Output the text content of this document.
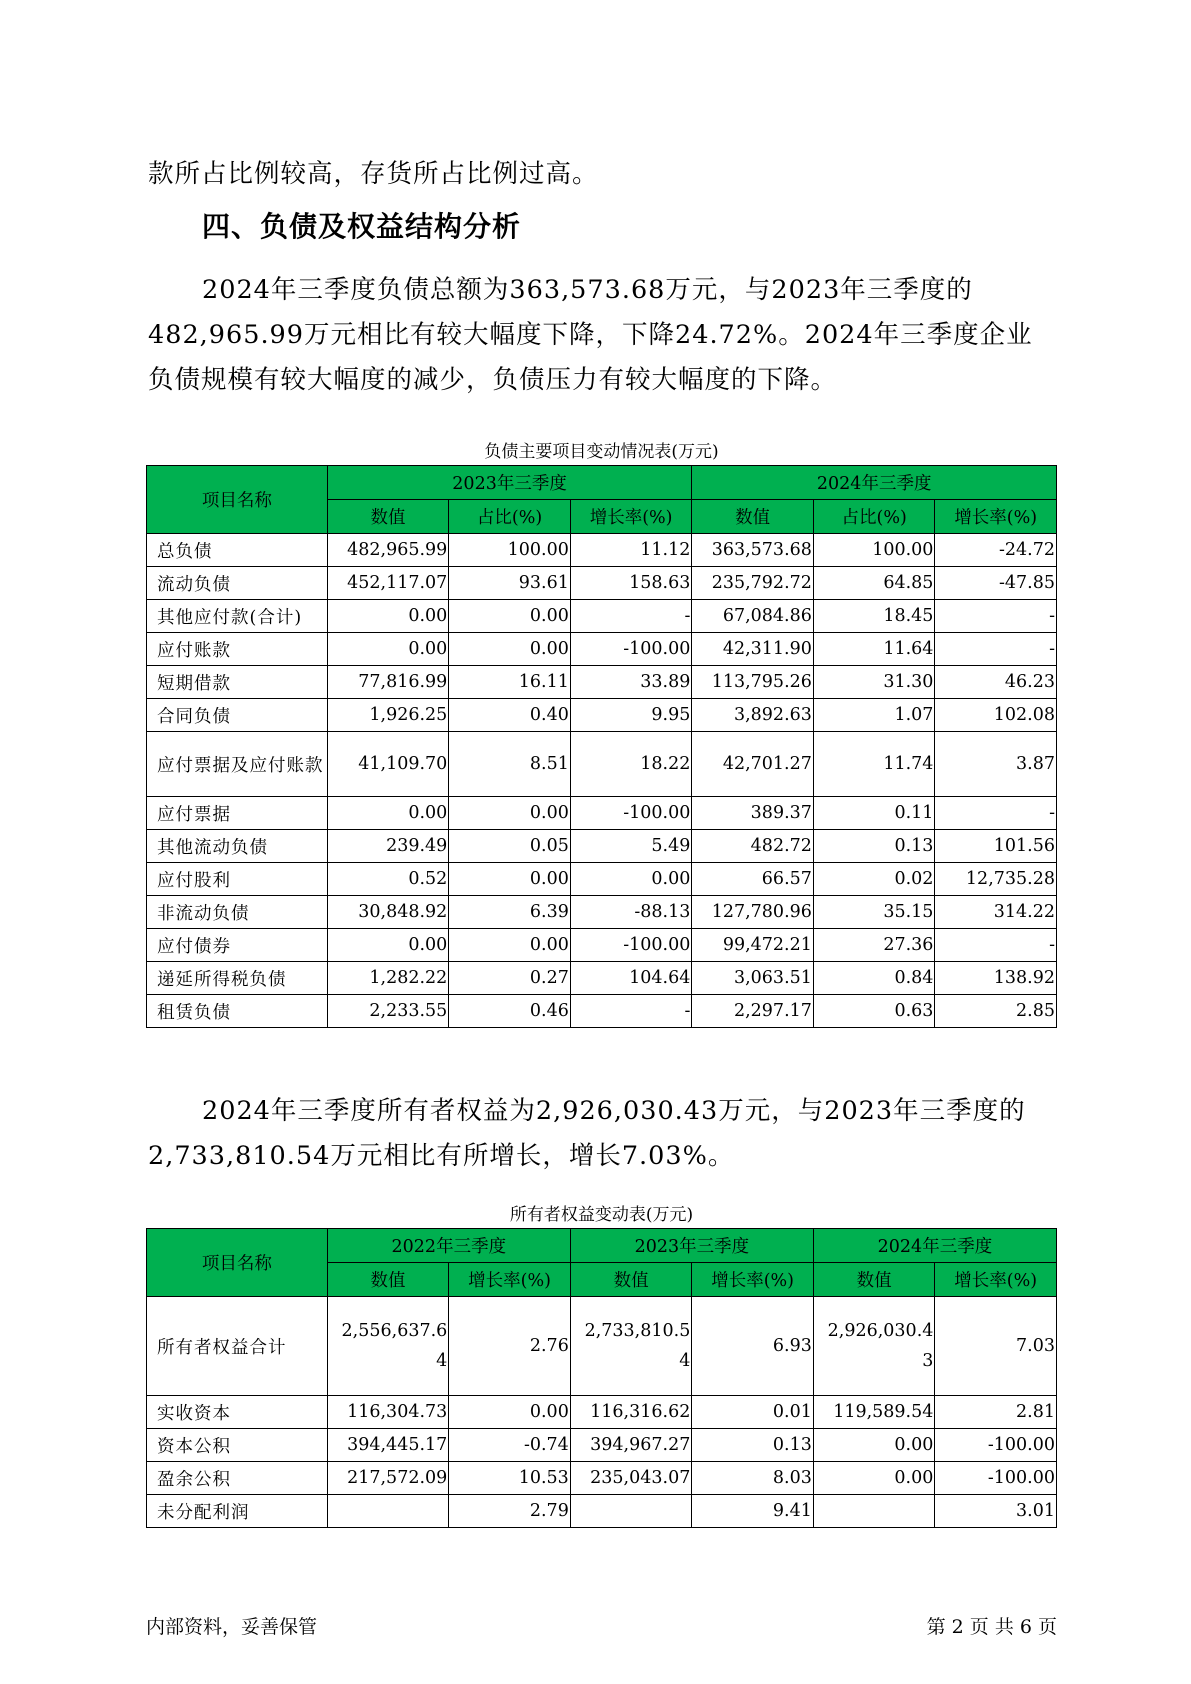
款所占比例较高，存货所占比例过高。

四、负债及权益结构分析

2024年三季度负债总额为363,573.68万元，与2023年三季度的482,965.99万元相比有较大幅度下降，下降24.72%。2024年三季度企业负债规模有较大幅度的减少，负债压力有较大幅度的下降。

负债主要项目变动情况表(万元)
项目名称	2023年三季度			2024年三季度		
	数值	占比(%)	增长率(%)	数值	占比(%)	增长率(%)
总负债	482,965.99	100.00	11.12	363,573.68	100.00	-24.72
流动负债	452,117.07	93.61	158.63	235,792.72	64.85	-47.85
其他应付款(合计)	0.00	0.00	-	67,084.86	18.45	-
应付账款	0.00	0.00	-100.00	42,311.90	11.64	-
短期借款	77,816.99	16.11	33.89	113,795.26	31.30	46.23
合同负债	1,926.25	0.40	9.95	3,892.63	1.07	102.08
应付票据及应付账款	41,109.70	8.51	18.22	42,701.27	11.74	3.87
应付票据	0.00	0.00	-100.00	389.37	0.11	-
其他流动负债	239.49	0.05	5.49	482.72	0.13	101.56
应付股利	0.52	0.00	0.00	66.57	0.02	12,735.28
非流动负债	30,848.92	6.39	-88.13	127,780.96	35.15	314.22
应付债券	0.00	0.00	-100.00	99,472.21	27.36	-
递延所得税负债	1,282.22	0.27	104.64	3,063.51	0.84	138.92
租赁负债	2,233.55	0.46	-	2,297.17	0.63	2.85

2024年三季度所有者权益为2,926,030.43万元，与2023年三季度的2,733,810.54万元相比有所增长，增长7.03%。

所有者权益变动表(万元)
项目名称	2022年三季度		2023年三季度		2024年三季度	
	数值	增长率(%)	数值	增长率(%)	数值	增长率(%)
所有者权益合计	2,556,637.64	2.76	2,733,810.54	6.93	2,926,030.43	7.03
实收资本	116,304.73	0.00	116,316.62	0.01	119,589.54	2.81
资本公积	394,445.17	-0.74	394,967.27	0.13	0.00	-100.00
盈余公积	217,572.09	10.53	235,043.07	8.03	0.00	-100.00
未分配利润		2.79		9.41		3.01
内部资料，妥善保管	第 2 页 共 6 页
